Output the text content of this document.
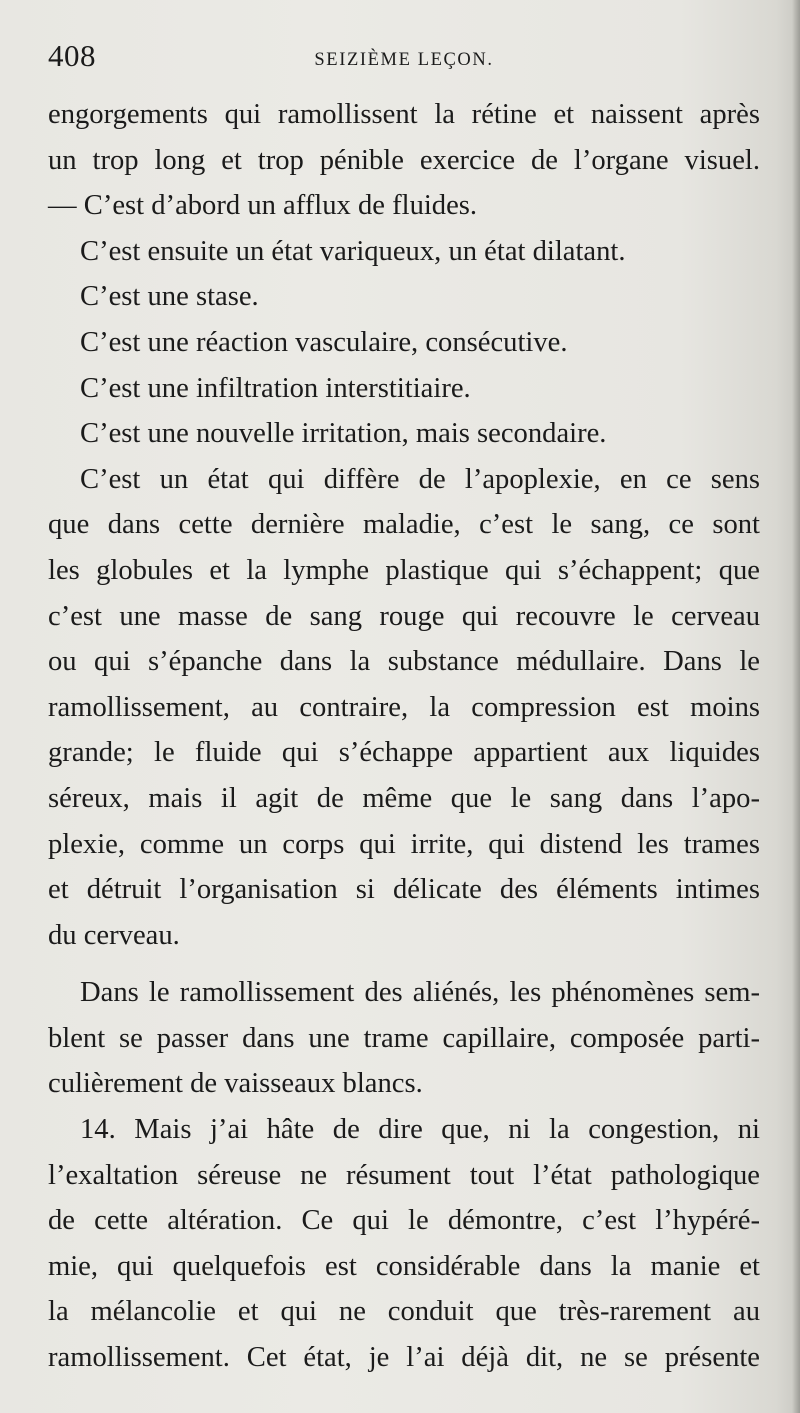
408	SEIZIÈME LEÇON.
engorgements qui ramollissent la rétine et naissent après
un trop long et trop pénible exercice de l’organe visuel.
— C’est d’abord un afflux de fluides.
C’est ensuite un état variqueux, un état dilatant.
C’est une stase.
C’est une réaction vasculaire, consécutive.
C’est une infiltration interstitiaire.
C’est une nouvelle irritation, mais secondaire.
C’est un état qui diffère de l’apoplexie, en ce sens
que dans cette dernière maladie, c’est le sang, ce sont
les globules et la lymphe plastique qui s’échappent; que
c’est une masse de sang rouge qui recouvre le cerveau
ou qui s’épanche dans la substance médullaire. Dans le
ramollissement, au contraire, la compression est moins
grande; le fluide qui s’échappe appartient aux liquides
séreux, mais il agit de même que le sang dans l’apo-
plexie, comme un corps qui irrite, qui distend les trames
et détruit l’organisation si délicate des éléments intimes
du cerveau.
Dans le ramollissement des aliénés, les phénomènes sem-
blent se passer dans une trame capillaire, composée parti-
culièrement de vaisseaux blancs.
14. Mais j’ai hâte de dire que, ni la congestion, ni
l’exaltation séreuse ne résument tout l’état pathologique
de cette altération. Ce qui le démontre, c’est l’hypéré-
mie, qui quelquefois est considérable dans la manie et
la mélancolie et qui ne conduit que très-rarement au
ramollissement. Cet état, je l’ai déjà dit, ne se présente
